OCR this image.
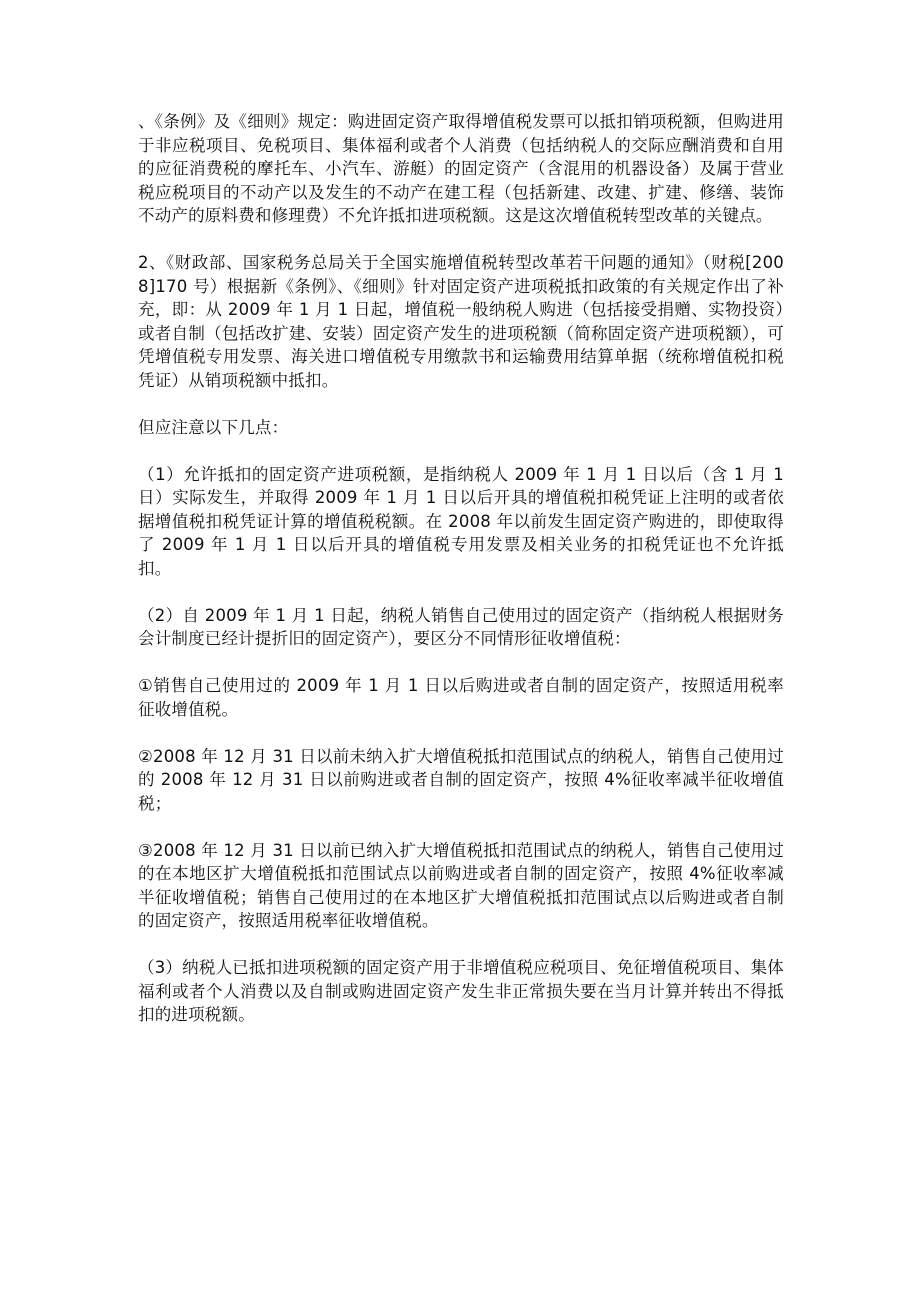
、《条例》及《细则》规定：购进固定资产取得增值税发票可以抵扣销项税额，但购进用于非应税项目、免税项目、集体福利或者个人消费（包括纳税人的交际应酬消费和自用的应征消费税的摩托车、小汽车、游艇）的固定资产（含混用的机器设备）及属于营业税应税项目的不动产以及发生的不动产在建工程（包括新建、改建、扩建、修缮、装饰不动产的原料费和修理费）不允许抵扣进项税额。这是这次增值税转型改革的关键点。

2、《财政部、国家税务总局关于全国实施增值税转型改革若干问题的通知》（财税[2008]170 号）根据新《条例》、《细则》针对固定资产进项税抵扣政策的有关规定作出了补充，即：从 2009 年 1 月 1 日起，增值税一般纳税人购进（包括接受捐赠、实物投资）或者自制（包括改扩建、安装）固定资产发生的进项税额（简称固定资产进项税额），可凭增值税专用发票、海关进口增值税专用缴款书和运输费用结算单据（统称增值税扣税凭证）从销项税额中抵扣。

但应注意以下几点：

（1）允许抵扣的固定资产进项税额，是指纳税人 2009 年 1 月 1 日以后（含 1 月 1 日）实际发生，并取得 2009 年 1 月 1 日以后开具的增值税扣税凭证上注明的或者依据增值税扣税凭证计算的增值税税额。在 2008 年以前发生固定资产购进的，即使取得了 2009 年 1 月 1 日以后开具的增值税专用发票及相关业务的扣税凭证也不允许抵扣。

（2）自 2009 年 1 月 1 日起，纳税人销售自己使用过的固定资产（指纳税人根据财务会计制度已经计提折旧的固定资产），要区分不同情形征收增值税：

①销售自己使用过的 2009 年 1 月 1 日以后购进或者自制的固定资产，按照适用税率征收增值税。

②2008 年 12 月 31 日以前未纳入扩大增值税抵扣范围试点的纳税人，销售自己使用过的 2008 年 12 月 31 日以前购进或者自制的固定资产，按照 4%征收率减半征收增值税；

③2008 年 12 月 31 日以前已纳入扩大增值税抵扣范围试点的纳税人，销售自己使用过的在本地区扩大增值税抵扣范围试点以前购进或者自制的固定资产，按照 4%征收率减半征收增值税；销售自己使用过的在本地区扩大增值税抵扣范围试点以后购进或者自制的固定资产，按照适用税率征收增值税。

（3）纳税人已抵扣进项税额的固定资产用于非增值税应税项目、免征增值税项目、集体福利或者个人消费以及自制或购进固定资产发生非正常损失要在当月计算并转出不得抵扣的进项税额。
